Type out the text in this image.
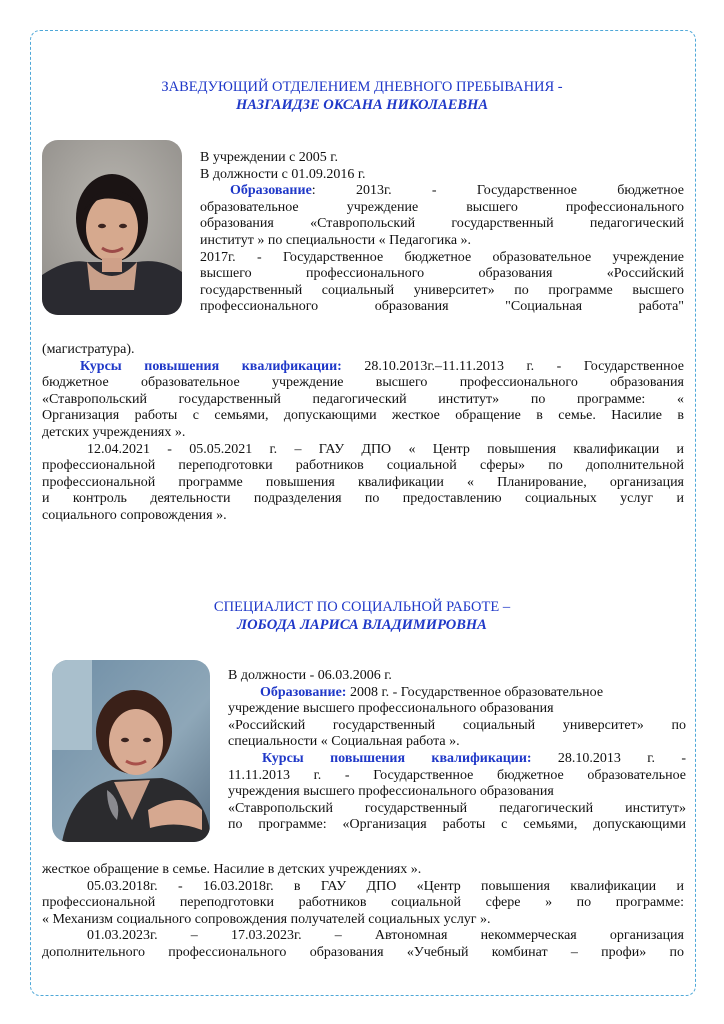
ЗАВЕДУЮЩИЙ ОТДЕЛЕНИЕМ ДНЕВНОГО ПРЕБЫВАНИЯ -
НАЗГАИДЗЕ ОКСАНА НИКОЛАЕВНА

В учреждении с 2005 г.

В должности с 01.09.2016 г.

Образование: 2013г. - Государственное бюджетное

образовательное учреждение высшего профессионального

образования «Ставропольский государственный педагогический

институт » по специальности « Педагогика ».

2017г. - Государственное бюджетное образовательное учреждение

высшего профессионального образования «Российский

государственный социальный университет» по программе высшего

профессионального образования "Социальная работа"

(магистратура).

Курсы повышения квалификации: 28.10.2013г.–11.11.2013 г. - Государственное

бюджетное образовательное учреждение высшего профессионального образования

«Ставропольский государственный педагогический институт» по программе: «

Организация работы с семьями, допускающими жесткое обращение в семье. Насилие в

детских учреждениях ».

12.04.2021 - 05.05.2021 г. – ГАУ ДПО « Центр повышения квалификации и

профессиональной переподготовки работников социальной сферы» по дополнительной

профессиональной программе повышения квалификации « Планирование, организация

и контроль деятельности подразделения по предоставлению социальных услуг и

социального сопровождения ».

СПЕЦИАЛИСТ ПО СОЦИАЛЬНОЙ РАБОТЕ –
ЛОБОДА ЛАРИСА ВЛАДИМИРОВНА

В должности - 06.03.2006 г.

Образование: 2008 г. - Государственное образовательное

учреждение высшего профессионального образования

«Российский государственный социальный университет» по

специальности « Социальная работа ».

Курсы повышения квалификации: 28.10.2013 г. -

11.11.2013 г. - Государственное бюджетное образовательное

учреждения высшего профессионального образования

«Ставропольский государственный педагогический институт»

по программе: «Организация работы с семьями, допускающими

жесткое обращение в семье. Насилие в детских учреждениях ».

05.03.2018г. - 16.03.2018г. в ГАУ ДПО «Центр повышения квалификации и

профессиональной переподготовки работников социальной сфере » по программе:

« Механизм социального сопровождения получателей социальных услуг ».

01.03.2023г. – 17.03.2023г. – Автономная некоммерческая организация

дополнительного профессионального образования «Учебный комбинат – профи» по
